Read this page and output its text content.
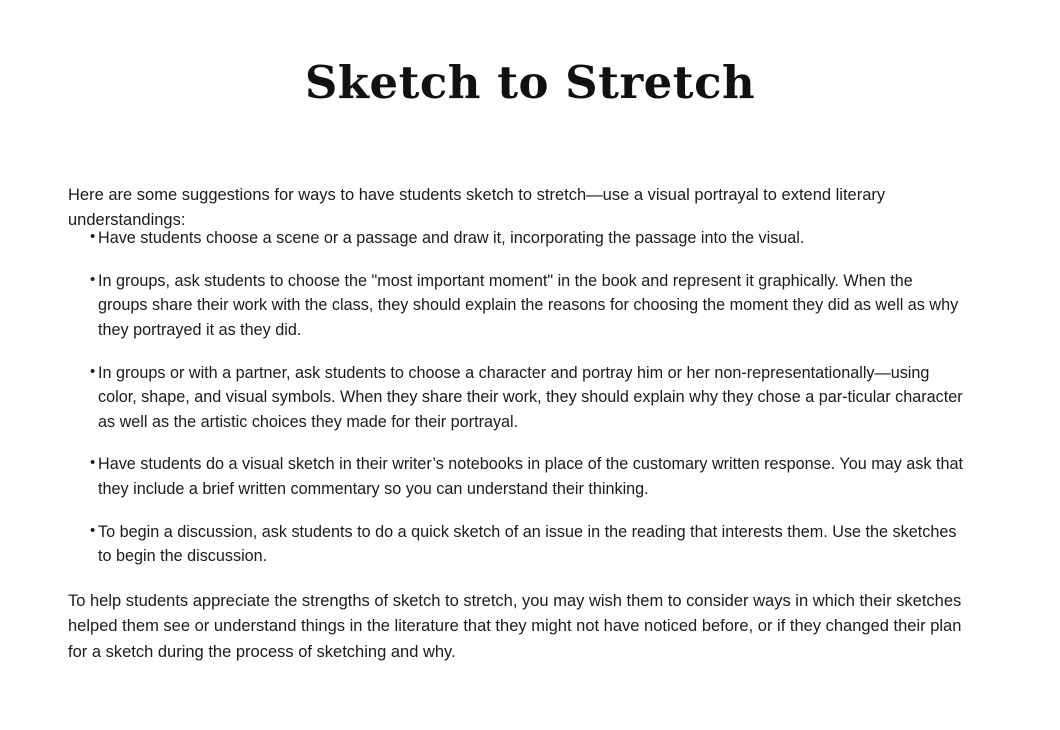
Sketch to Stretch

Here are some suggestions for ways to have students sketch to stretch—use a visual portrayal to extend literary understandings:

• Have students choose a scene or a passage and draw it, incorporating the passage into the visual.
• In groups, ask students to choose the "most important moment" in the book and represent it graphically. When the groups share their work with the class, they should explain the reasons for choosing the moment they did as well as why they portrayed it as they did.
• In groups or with a partner, ask students to choose a character and portray him or her non-representationally—using color, shape, and visual symbols. When they share their work, they should explain why they chose a par-ticular character as well as the artistic choices they made for their portrayal.
• Have students do a visual sketch in their writer’s notebooks in place of the customary written response. You may ask that they include a brief written commentary so you can understand their thinking.
• To begin a discussion, ask students to do a quick sketch of an issue in the reading that interests them. Use the sketches to begin the discussion.

To help students appreciate the strengths of sketch to stretch, you may wish them to consider ways in which their sketches helped them see or understand things in the literature that they might not have noticed before, or if they changed their plan for a sketch during the process of sketching and why.
